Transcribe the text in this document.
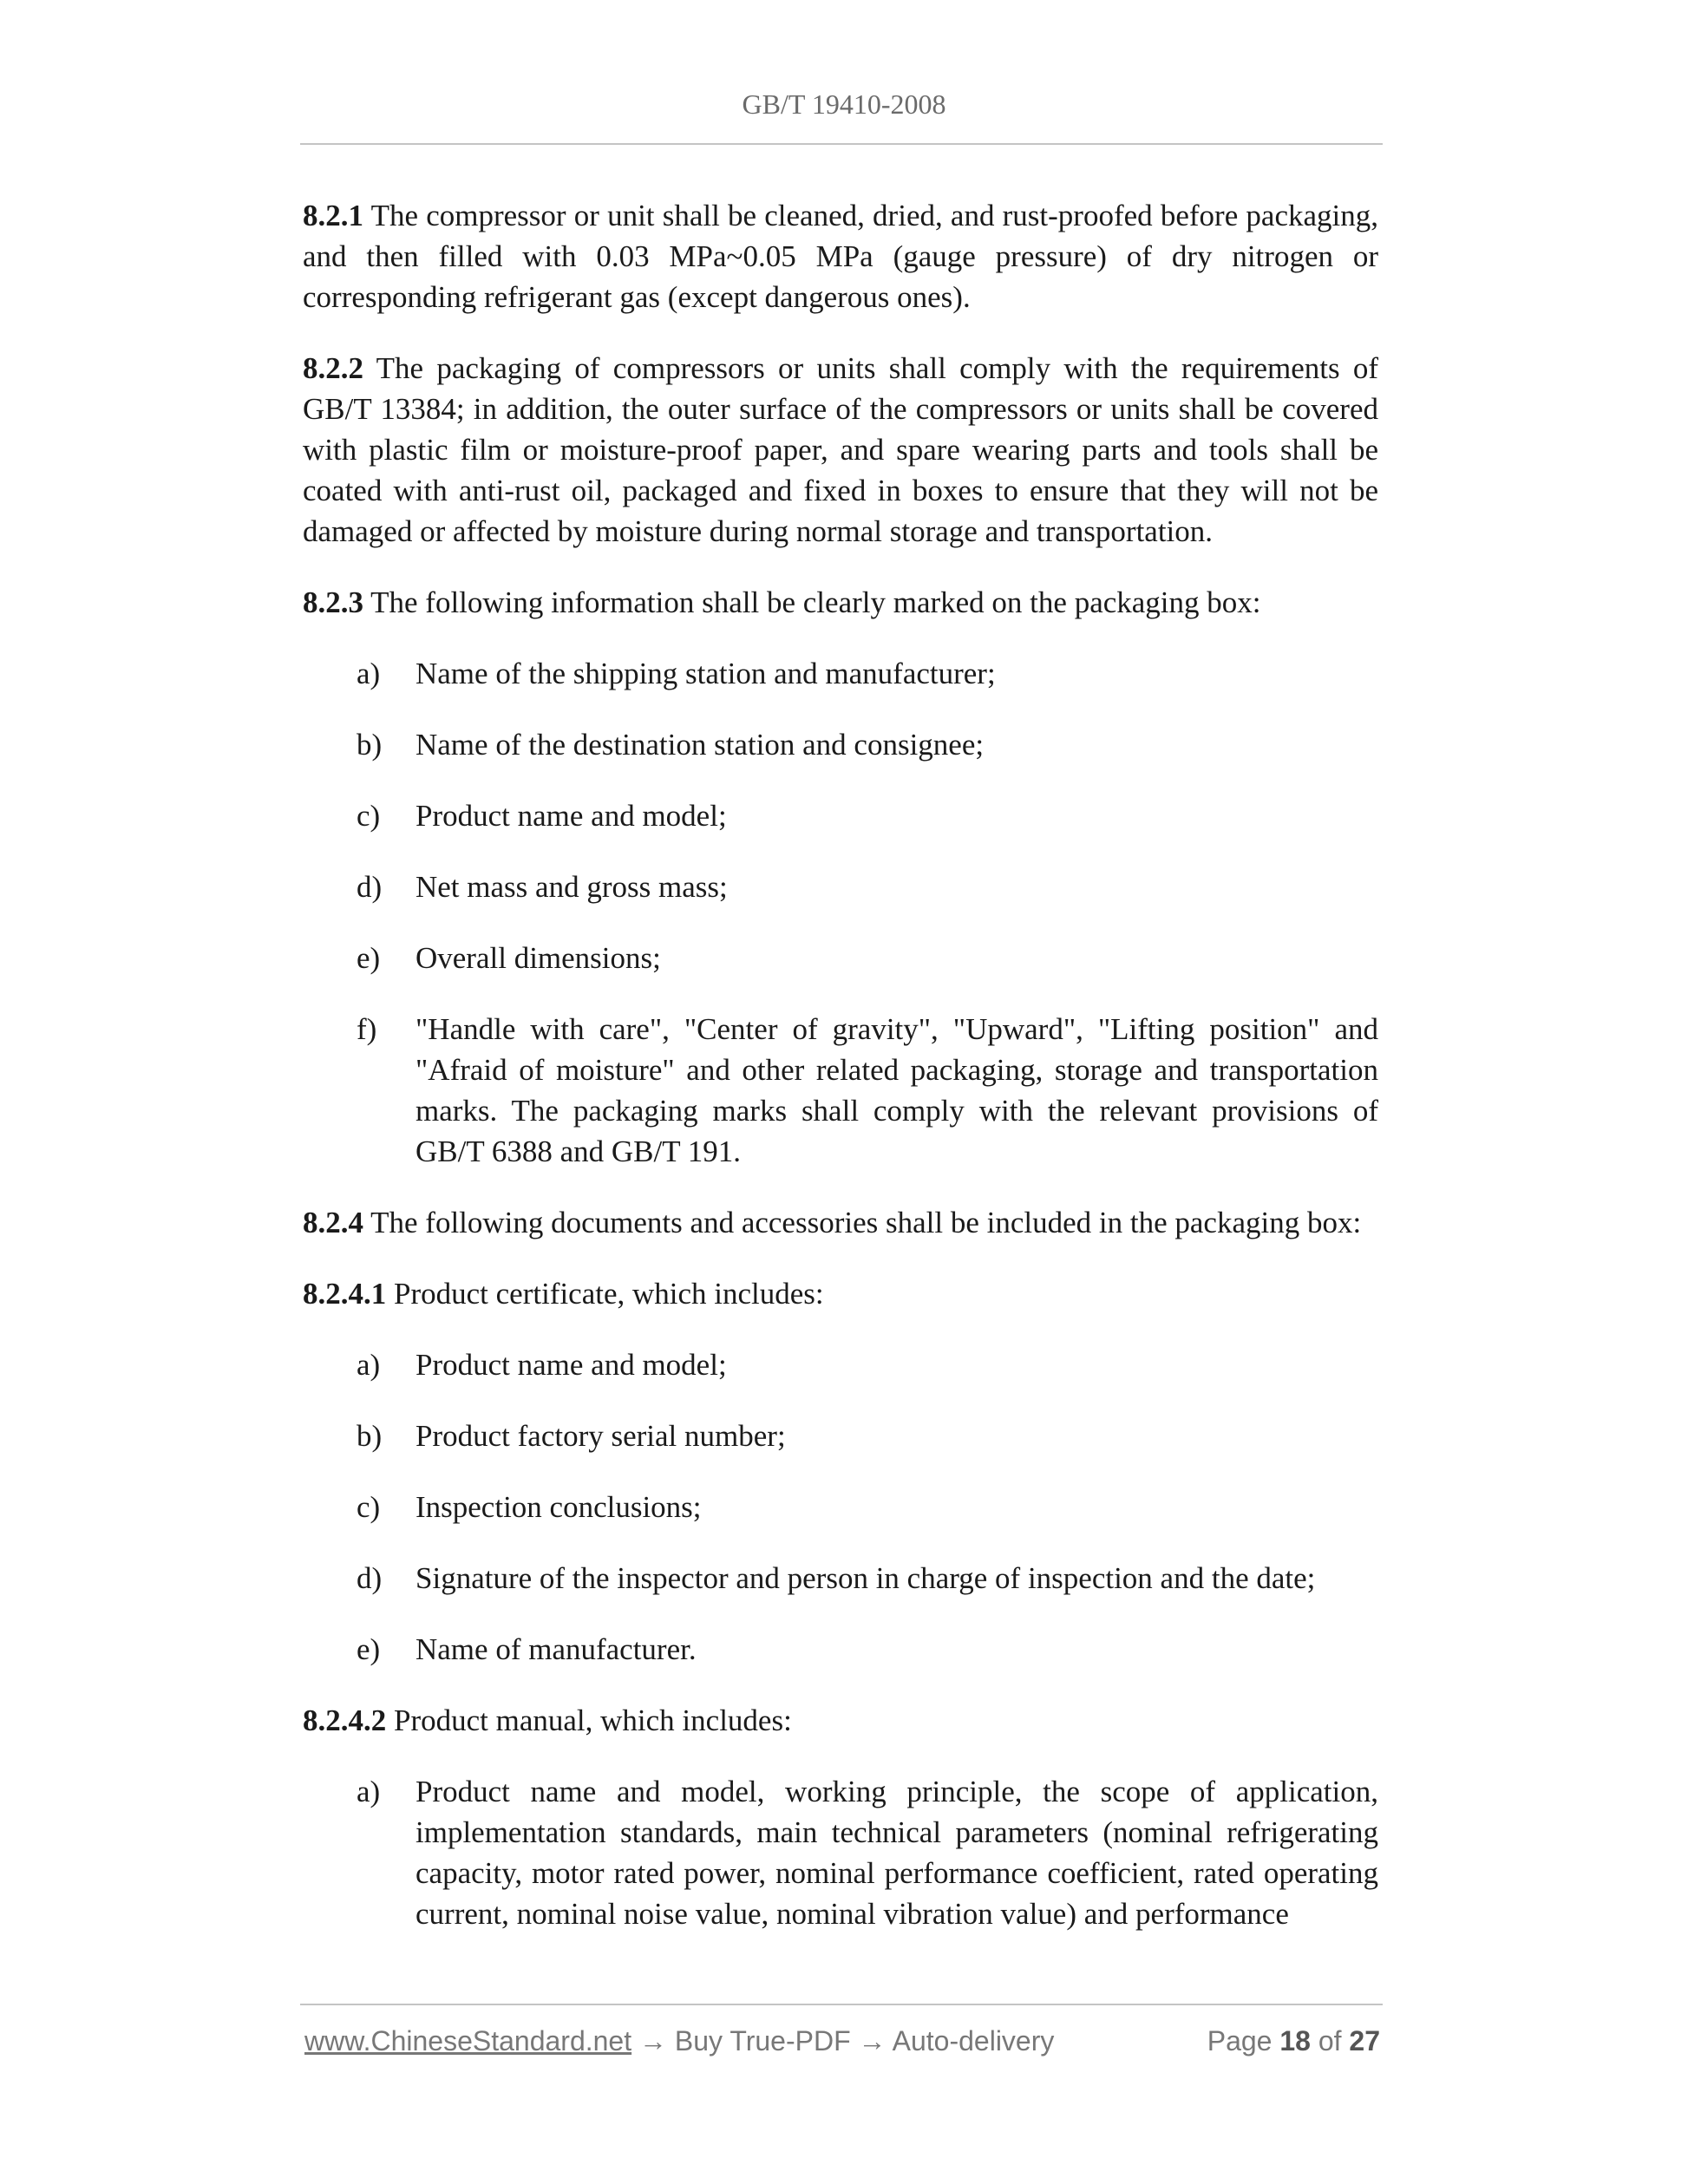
GB/T 19410-2008

8.2.1 The compressor or unit shall be cleaned, dried, and rust-proofed before packaging, and then filled with 0.03 MPa~0.05 MPa (gauge pressure) of dry nitrogen or corresponding refrigerant gas (except dangerous ones).

8.2.2 The packaging of compressors or units shall comply with the requirements of GB/T 13384; in addition, the outer surface of the compressors or units shall be covered with plastic film or moisture-proof paper, and spare wearing parts and tools shall be coated with anti-rust oil, packaged and fixed in boxes to ensure that they will not be damaged or affected by moisture during normal storage and transportation.

8.2.3 The following information shall be clearly marked on the packaging box:

a)	Name of the shipping station and manufacturer;
b)	Name of the destination station and consignee;
c)	Product name and model;
d)	Net mass and gross mass;
e)	Overall dimensions;
f)	"Handle with care", "Center of gravity", "Upward", "Lifting position" and "Afraid of moisture" and other related packaging, storage and transportation marks. The packaging marks shall comply with the relevant provisions of GB/T 6388 and GB/T 191.

8.2.4 The following documents and accessories shall be included in the packaging box:

8.2.4.1 Product certificate, which includes:

a)	Product name and model;
b)	Product factory serial number;
c)	Inspection conclusions;
d)	Signature of the inspector and person in charge of inspection and the date;
e)	Name of manufacturer.

8.2.4.2 Product manual, which includes:

a)	Product name and model, working principle, the scope of application, implementation standards, main technical parameters (nominal refrigerating capacity, motor rated power, nominal performance coefficient, rated operating current, nominal noise value, nominal vibration value) and performance
www.ChineseStandard.net → Buy True-PDF → Auto-delivery	Page 18 of 27
